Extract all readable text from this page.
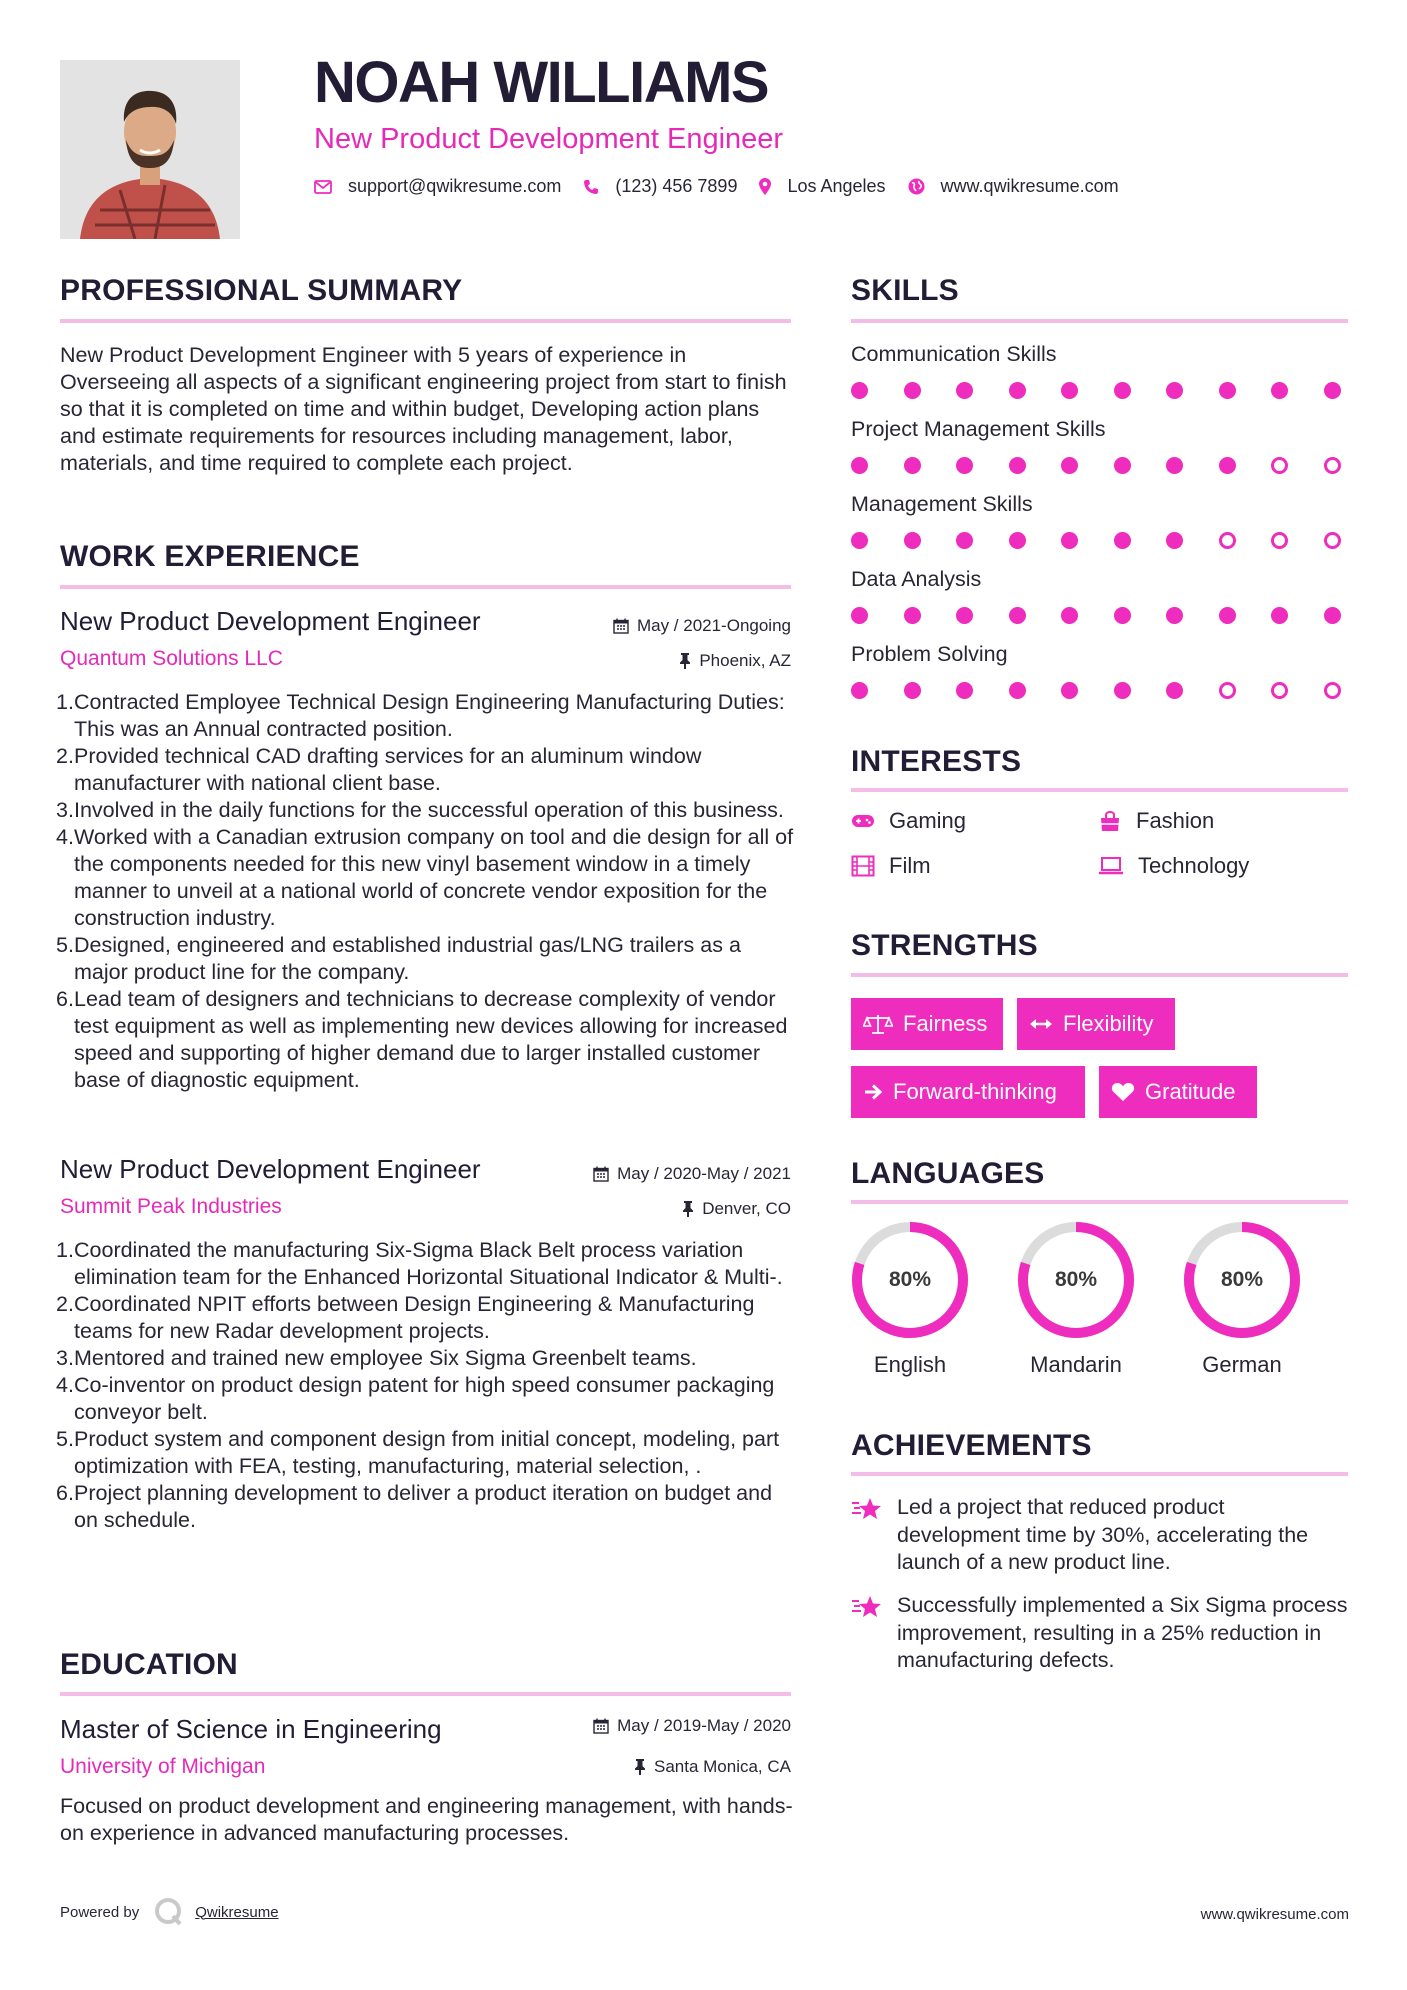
NOAH WILLIAMS
New Product Development Engineer
support@qwikresume.com	(123) 456 7899	Los Angeles	www.qwikresume.com
PROFESSIONAL SUMMARY
New Product Development Engineer with 5 years of experience in Overseeing all aspects of a significant engineering project from start to finish so that it is completed on time and within budget, Developing action plans and estimate requirements for resources including management, labor, materials, and time required to complete each project.
WORK EXPERIENCE
New Product Development Engineer	May / 2021-Ongoing
Quantum Solutions LLC	Phoenix, AZ
1. Contracted Employee Technical Design Engineering Manufacturing Duties: This was an Annual contracted position.
2. Provided technical CAD drafting services for an aluminum window manufacturer with national client base.
3. Involved in the daily functions for the successful operation of this business.
4. Worked with a Canadian extrusion company on tool and die design for all of the components needed for this new vinyl basement window in a timely manner to unveil at a national world of concrete vendor exposition for the construction industry.
5. Designed, engineered and established industrial gas/LNG trailers as a major product line for the company.
6. Lead team of designers and technicians to decrease complexity of vendor test equipment as well as implementing new devices allowing for increased speed and supporting of higher demand due to larger installed customer base of diagnostic equipment.
New Product Development Engineer	May / 2020-May / 2021
Summit Peak Industries	Denver, CO
1. Coordinated the manufacturing Six-Sigma Black Belt process variation elimination team for the Enhanced Horizontal Situational Indicator & Multi-.
2. Coordinated NPIT efforts between Design Engineering & Manufacturing teams for new Radar development projects.
3. Mentored and trained new employee Six Sigma Greenbelt teams.
4. Co-inventor on product design patent for high speed consumer packaging conveyor belt.
5. Product system and component design from initial concept, modeling, part optimization with FEA, testing, manufacturing, material selection, .
6. Project planning development to deliver a product iteration on budget and on schedule.
EDUCATION
Master of Science in Engineering	May / 2019-May / 2020
University of Michigan	Santa Monica, CA
Focused on product development and engineering management, with hands-on experience in advanced manufacturing processes.
SKILLS
Communication Skills
Project Management Skills
Management Skills
Data Analysis
Problem Solving
INTERESTS
Gaming	Fashion
Film	Technology
STRENGTHS
Fairness	Flexibility
Forward-thinking	Gratitude
LANGUAGES
80%
English
80%
Mandarin
80%
German
ACHIEVEMENTS
Led a project that reduced product development time by 30%, accelerating the launch of a new product line.
Successfully implemented a Six Sigma process improvement, resulting in a 25% reduction in manufacturing defects.
Powered by	Qwikresume	www.qwikresume.com
